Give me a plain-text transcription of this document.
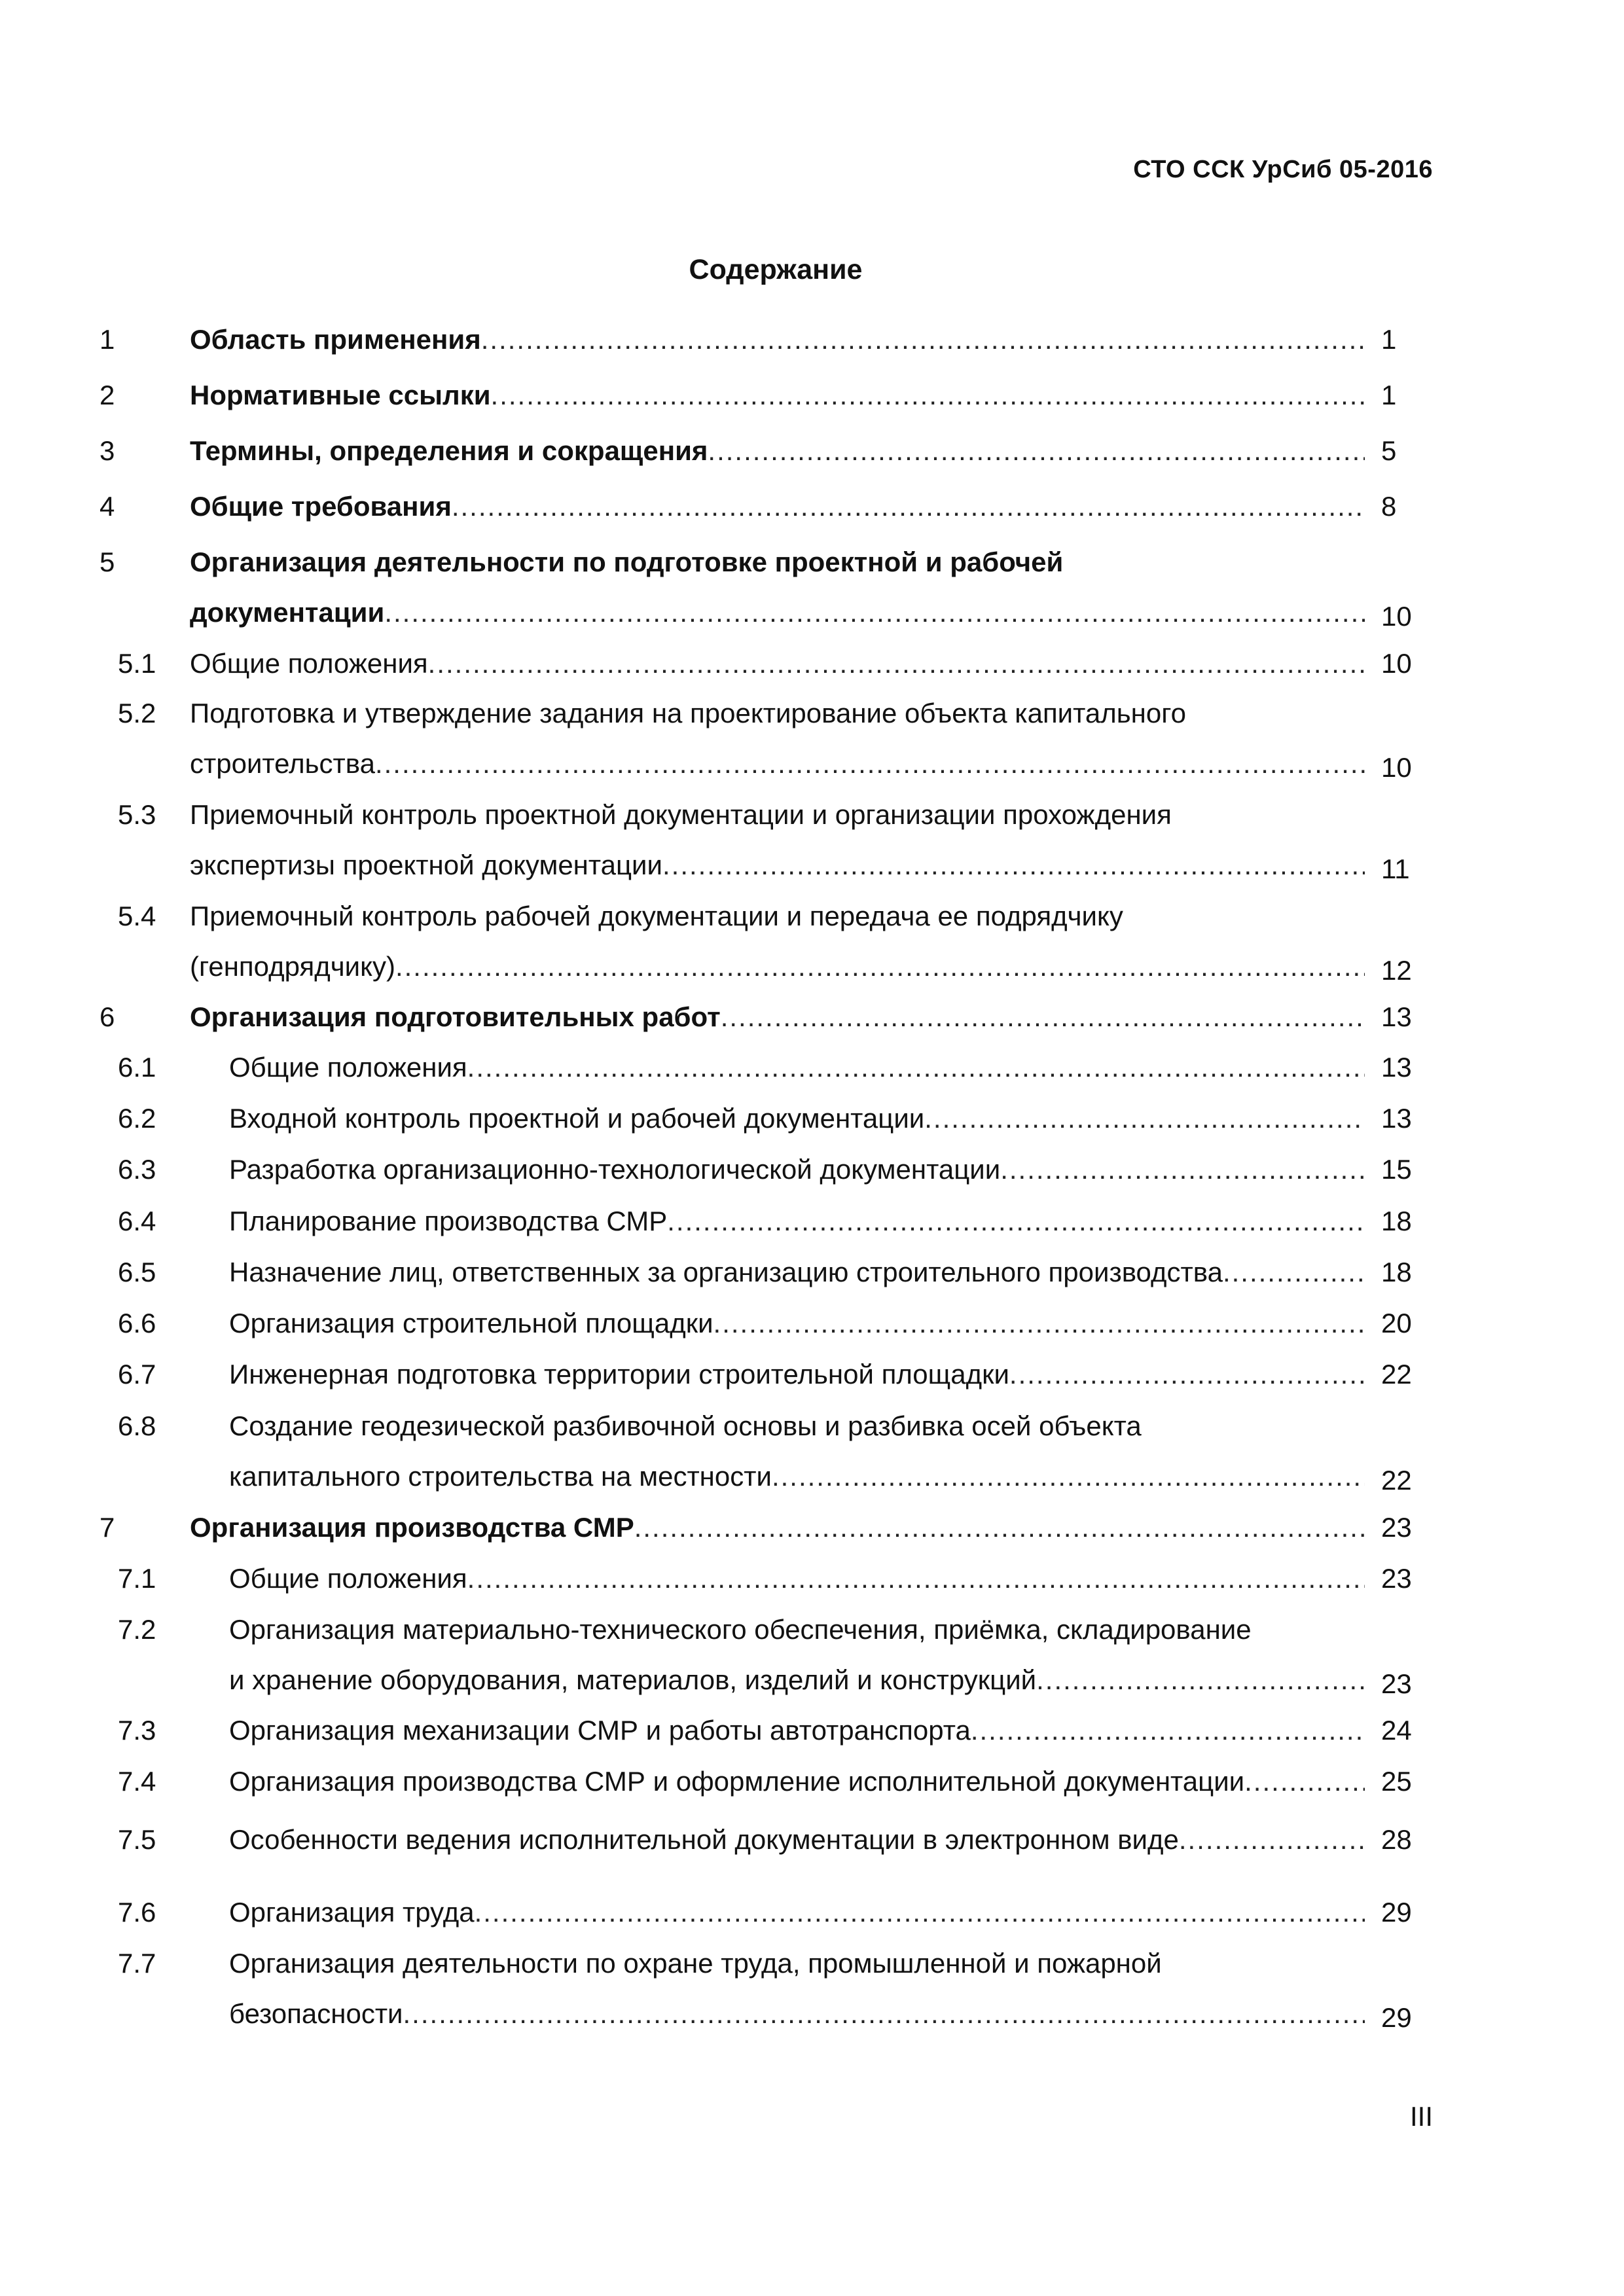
СТО ССК УрСиб 05-2016
Содержание
1	Область применения .....	1
2	Нормативные ссылки .....	1
3	Термины, определения и сокращения .....	5
4	Общие требования .....	8
5	Организация деятельности по подготовке проектной и рабочей
документации .....	10
5.1 Общие положения .....	10
5.2 Подготовка и утверждение задания на проектирование объекта капитального
строительства .....	10
5.3 Приемочный контроль проектной документации и организации прохождения
экспертизы проектной документации .....	11
5.4 Приемочный контроль рабочей документации и передача ее подрядчику
(генподрядчику) .....	12
6	Организация подготовительных работ .....	13
6.1	Общие положения .....	13
6.2	Входной контроль проектной и рабочей документации .....	13
6.3	Разработка организационно-технологической документации .....	15
6.4	Планирование производства СМР .....	18
6.5	Назначение лиц, ответственных за организацию строительного производства .....	18
6.6	Организация строительной площадки .....	20
6.7	Инженерная подготовка территории строительной площадки .....	22
6.8	Создание геодезической разбивочной основы и разбивка осей объекта
капитального строительства на местности .....	22
7	Организация производства СМР .....	23
7.1	Общие положения .....	23
7.2	Организация материально-технического обеспечения, приёмка, складирование
и хранение оборудования, материалов, изделий и конструкций .....	23
7.3	Организация механизации СМР и работы автотранспорта .....	24
7.4	Организация производства СМР и оформление исполнительной документации .....	25
7.5	Особенности ведения исполнительной документации в электронном виде .....	28
7.6	Организация труда .....	29
7.7	Организация деятельности по охране труда, промышленной и пожарной
безопасности .....	29
III
